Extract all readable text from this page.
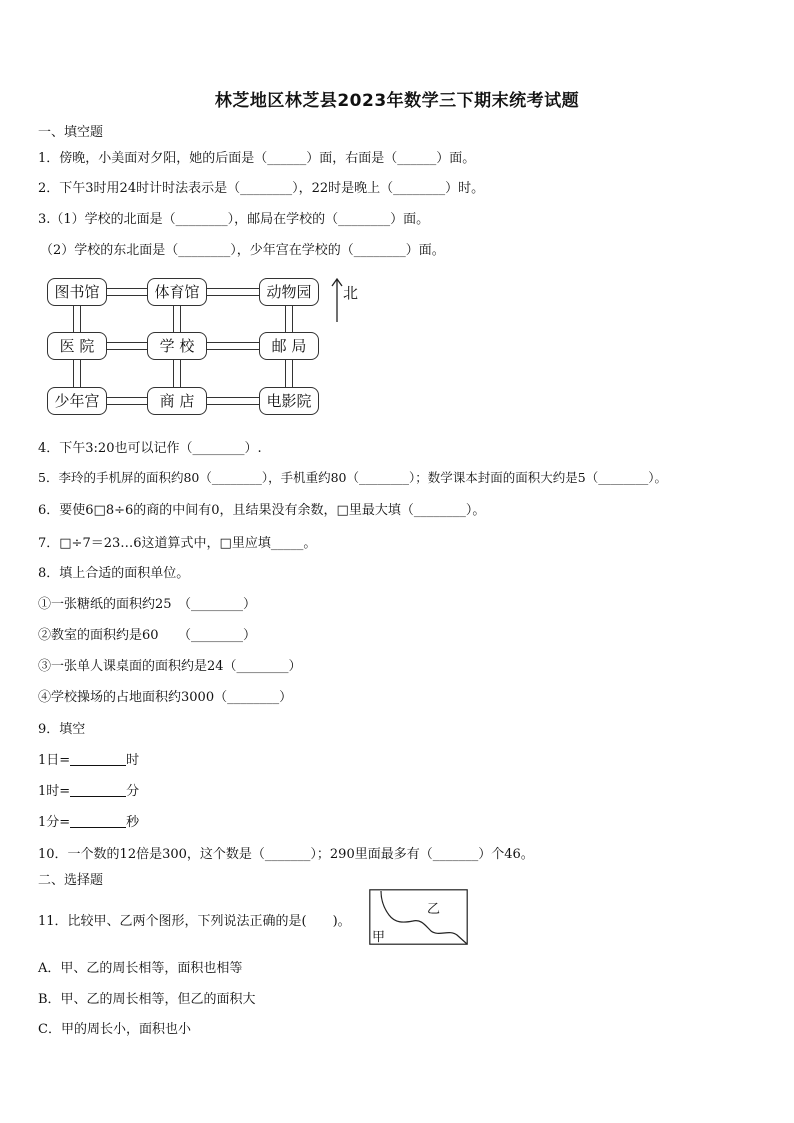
林芝地区林芝县2023年数学三下期末统考试题
一、填空题
1．傍晚，小美面对夕阳，她的后面是（______）面，右面是（______）面。
2．下午3时用24时计时法表示是（________），22时是晚上（________）时。
3.（1）学校的北面是（________），邮局在学校的（________）面。
（2）学校的东北面是（________），少年宫在学校的（________）面。
图书馆	体育馆	动物园
医 院	学 校	邮 局
少年宫	商 店	电影院
北
4．下午3:20也可以记作（________）.
5．李玲的手机屏的面积约80（________），手机重约80（________）；数学课本封面的面积大约是5（________）。
6．要使6□8÷6的商的中间有0，且结果没有余数，□里最大填（________）。
7．□÷7＝23…6这道算式中，□里应填_____。
8．填上合适的面积单位。
①一张糖纸的面积约25　（________）
②教室的面积约是60　　（________）
③一张单人课桌面的面积约是24（________）
④学校操场的占地面积约3000（________）
9．填空
1日=	时
1时=	分
1分=	秒
10．一个数的12倍是300，这个数是（_______）；290里面最多有（_______）个46。
二、选择题
11．比较甲、乙两个图形，下列说法正确的是(　　)。
甲
乙
A．甲、乙的周长相等，面积也相等
B．甲、乙的周长相等，但乙的面积大
C．甲的周长小，面积也小
